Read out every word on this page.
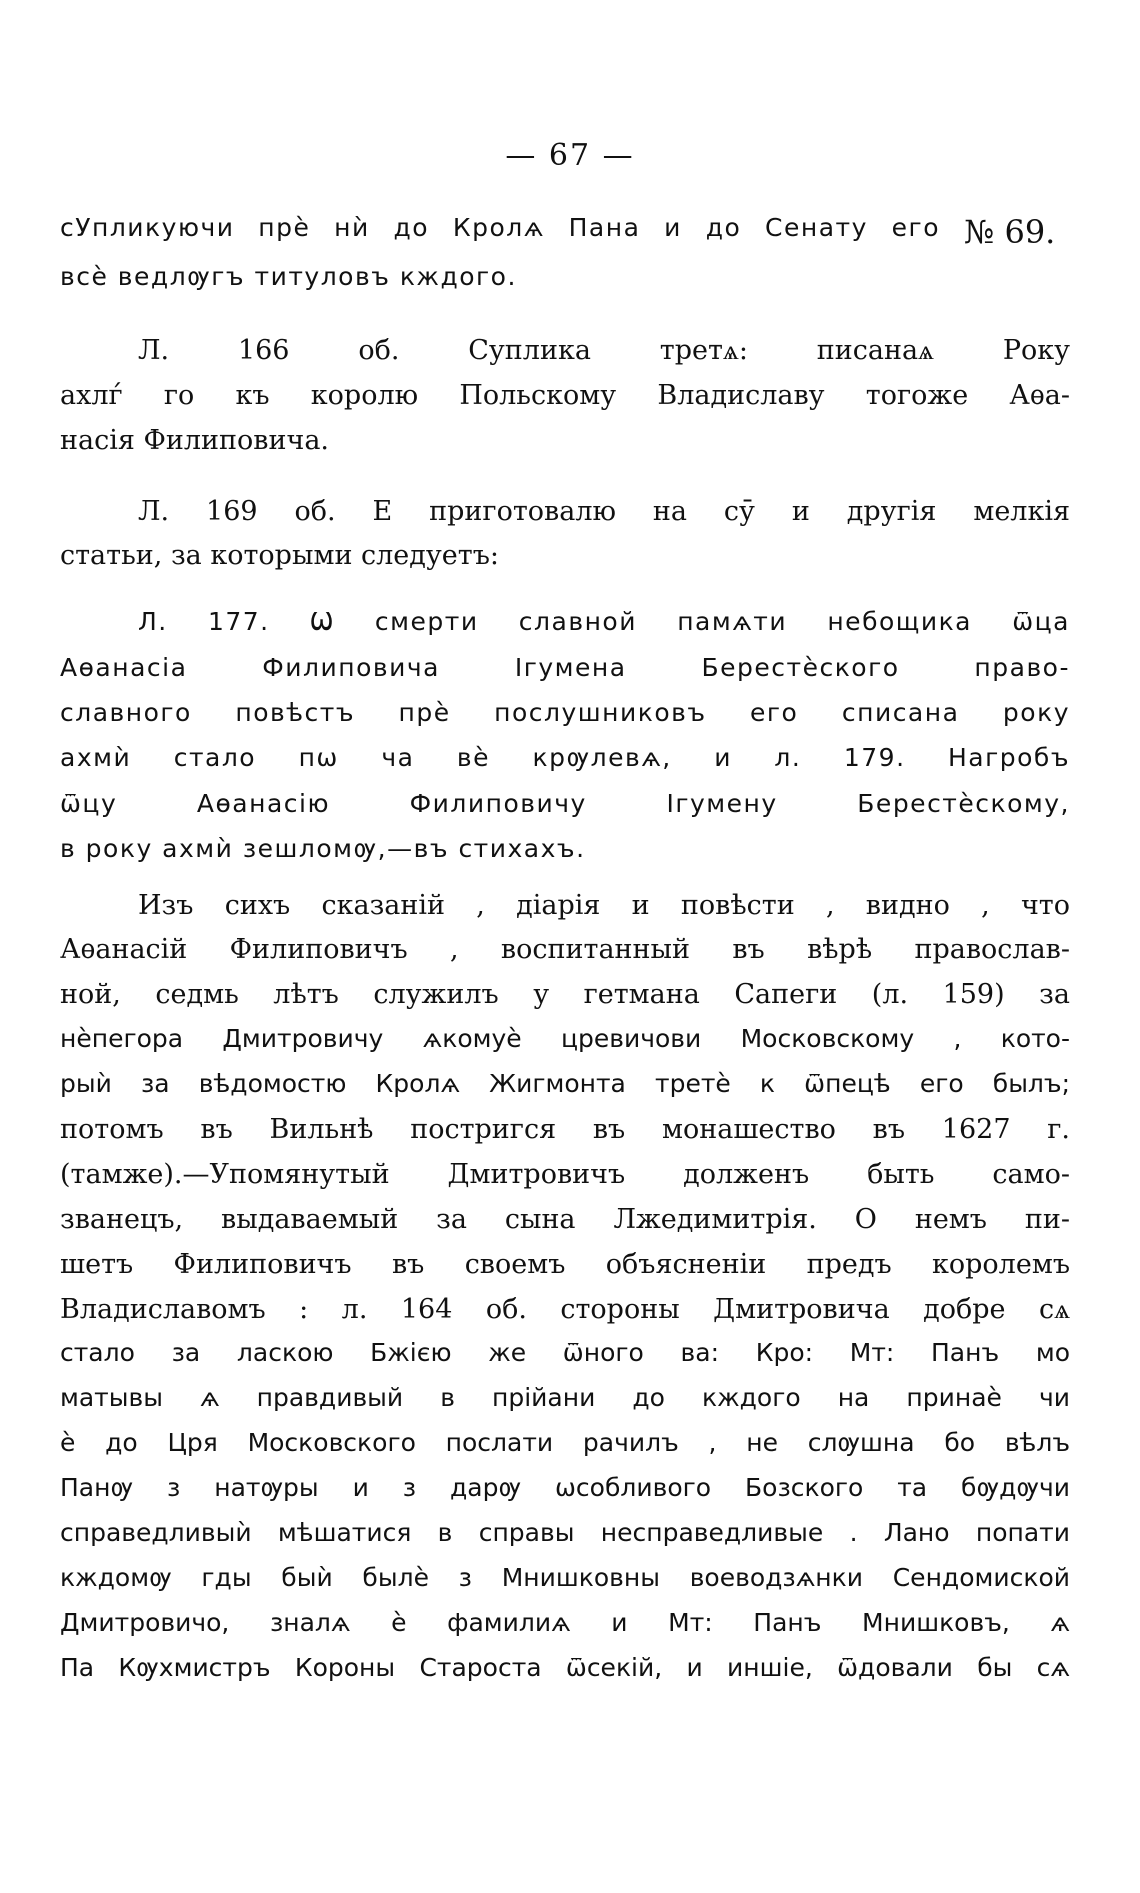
— 67 —
№ 69.
сУпликуючи прѐ нѝ до Кролѧ Пана и до Сенату его
всѐ ведлѹгъ титуловъ кждого.
Л. 166 об. Суплика третѧ: писанаѧ Року
ахлѓ го къ королю Польскому Владиславу тогоже Аѳа-
насія Филиповича.
Л. 169 об. Е приготовалю на сӯ и другія мелкія
статьи, за которыми следуетъ:
Л. 177. Ѡ смерти славной памѧти небощика ѿца
Аѳанасіа Филиповича Ігумена Берестѐского право-
славного повѣстъ прѐ послушниковъ его списана року
ахмѝ стало пѡ ча вѐ крѹлевѧ, и л. 179. Нагробъ
ѿцу Аѳанасію Филиповичу Ігумену Берестѐскому,
в року ахмѝ зешломѹ,—въ стихахъ.
Изъ сихъ сказаній , діарія и повѣсти , видно , что
Аѳанасій Филиповичъ , воспитанный въ вѣрѣ православ-
ной, седмь лѣтъ служилъ у гетмана Сапеги (л. 159) за
нѐпегора Дмитровичу ѧкомуѐ цревичови Московскому , кото-
рыѝ за вѣдомостю Кролѧ Жигмонта третѐ к ѿпецѣ его былъ;
потомъ въ Вильнѣ постригся въ монашество въ 1627 г.
(тамже).—Упомянутый Дмитровичъ долженъ быть само-
званецъ, выдаваемый за сына Лжедимитрія. О немъ пи-
шетъ Филиповичъ въ своемъ объясненіи предъ королемъ
Владиславомъ : л. 164 об. стороны Дмитровича добре сѧ
стало за ласкою Бжією же ѿного ва: Кро: Мт: Панъ мо
матывы ѧ правдивый в прійани до кждого на принаѐ чи
ѐ до Цря Московского послати рачилъ , не слѹшна бо вѣлъ
Панѹ з натѹры и з дарѹ ѡсобливого Бозского та бѹдѹчи
справедливыѝ мѣшатися в справы несправедливые . Лано попати
кждомѹ гды быѝ былѐ з Мнишковны воеводзѧнки Сендомиской
Дмитровичо, зналѧ ѐ фамилиѧ и Мт: Панъ Мнишковъ, ѧ
Па Кѹхмистръ Короны Староста ѿсекій, и иншіе, ѿдовали бы сѧ
